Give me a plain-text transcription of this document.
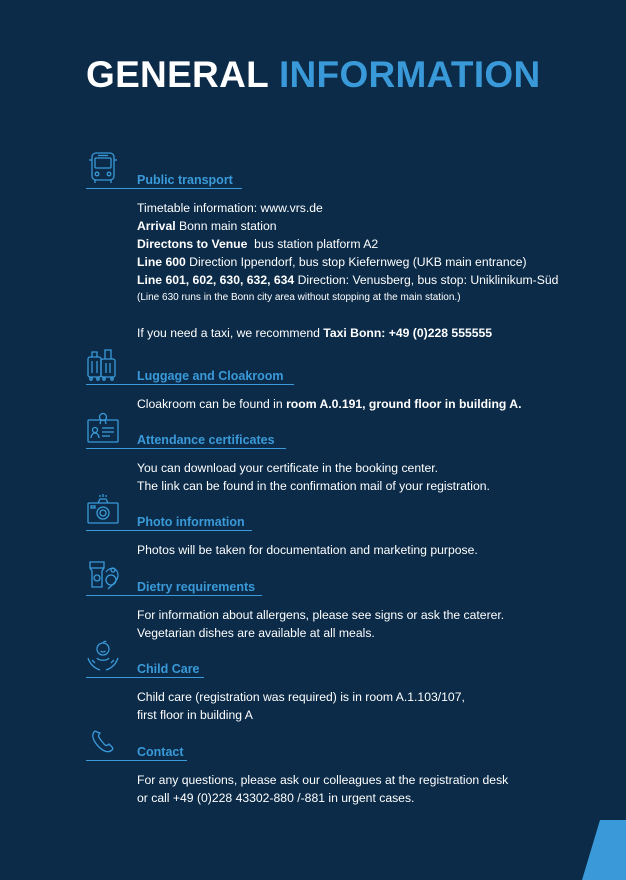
GENERAL INFORMATION
Public transport

Timetable information: www.vrs.de

Arrival Bonn main station

Directons to Venue  bus station platform A2

Line 600 Direction Ippendorf, bus stop Kiefernweg (UKB main entrance)

Line 601, 602, 630, 632, 634 Direction: Venusberg, bus stop: Uniklinikum-Süd

(Line 630 runs in the Bonn city area without stopping at the main station.)

If you need a taxi, we recommend Taxi Bonn: +49 (0)228 555555

Luggage and Cloakroom

Cloakroom can be found in room A.0.191, ground floor in building A.

Attendance certificates

You can download your certificate in the booking center.

The link can be found in the confirmation mail of your registration.

Photo information

Photos will be taken for documentation and marketing purpose.

Dietry requirements

For information about allergens, please see signs or ask the caterer.

Vegetarian dishes are available at all meals.

Child Care

Child care (registration was required) is in room A.1.103/107,

first floor in building A

Contact

For any questions, please ask our colleagues at the registration desk

or call +49 (0)228 43302-880 /-881 in urgent cases.
